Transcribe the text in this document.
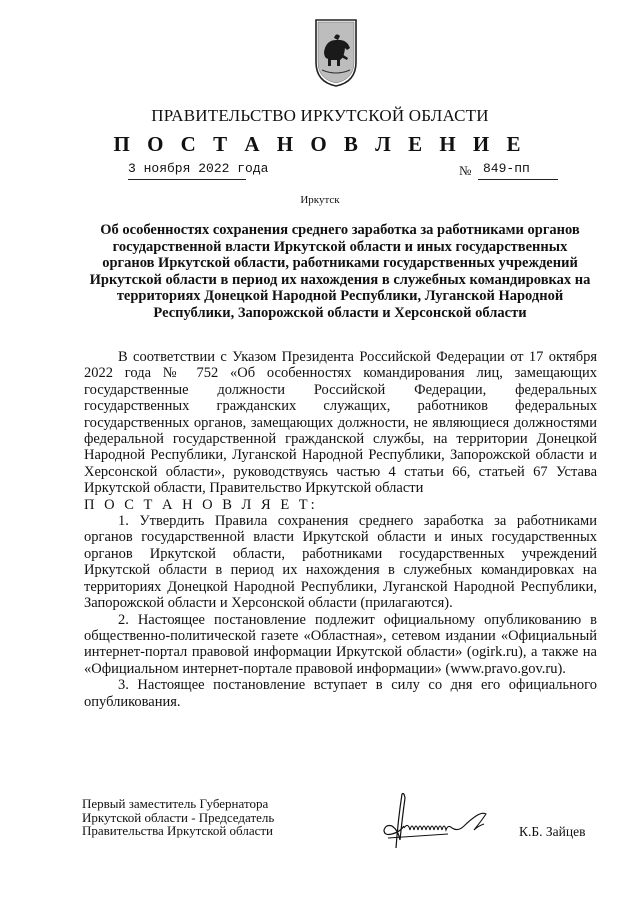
ПРАВИТЕЛЬСТВО ИРКУТСКОЙ ОБЛАСТИ
П О С Т А Н О В Л Е Н И Е
3 ноября 2022 года	№ 849-пп
Иркутск
Об особенностях сохранения среднего заработка за работниками органов государственной власти Иркутской области и иных государственных органов Иркутской области, работниками государственных учреждений Иркутской области в период их нахождения в служебных командировках на территориях Донецкой Народной Республики, Луганской Народной Республики, Запорожской области и Херсонской области

В соответствии с Указом Президента Российской Федерации от 17 октября 2022 года № 752 «Об особенностях командирования лиц, замещающих государственные должности Российской Федерации, федеральных государственных гражданских служащих, работников федеральных государственных органов, замещающих должности, не являющиеся должностями федеральной государственной гражданской службы, на территории Донецкой Народной Республики, Луганской Народной Республики, Запорожской области и Херсонской области», руководствуясь частью 4 статьи 66, статьей 67 Устава Иркутской области, Правительство Иркутской области

П О С Т А Н О В Л Я Е Т:

1. Утвердить Правила сохранения среднего заработка за работниками органов государственной власти Иркутской области и иных государственных органов Иркутской области, работниками государственных учреждений Иркутской области в период их нахождения в служебных командировках на территориях Донецкой Народной Республики, Луганской Народной Республики, Запорожской области и Херсонской области (прилагаются).

2. Настоящее постановление подлежит официальному опубликованию в общественно-политической газете «Областная», сетевом издании «Официальный интернет-портал правовой информации Иркутской области» (ogirk.ru), а также на «Официальном интернет-портале правовой информации» (www.pravo.gov.ru).

3. Настоящее постановление вступает в силу со дня его официального опубликования.

Первый заместитель Губернатора
Иркутской области - Председатель
Правительства Иркутской области	К.Б. Зайцев
